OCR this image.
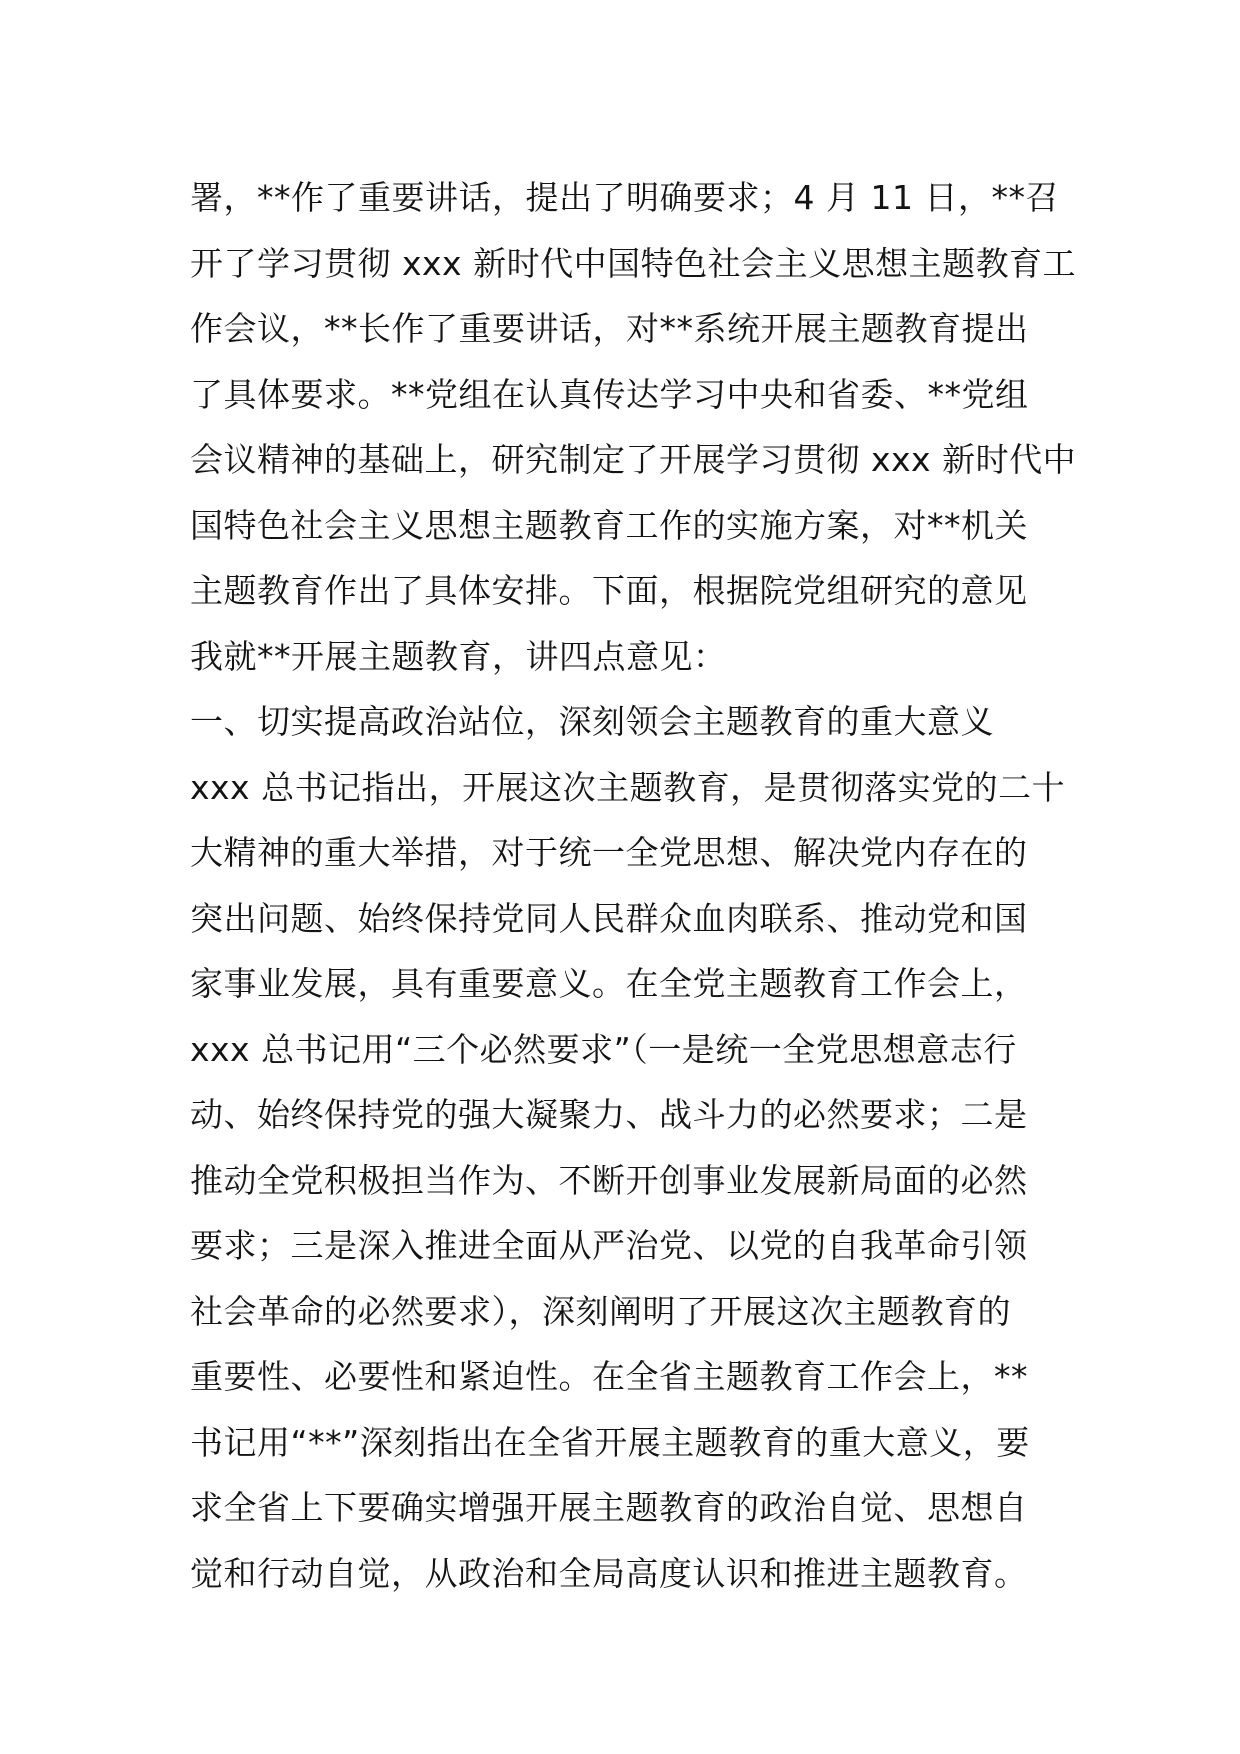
署，**作了重要讲话，提出了明确要求；4 月 11 日，**召
开了学习贯彻 xxx 新时代中国特色社会主义思想主题教育工
作会议，**长作了重要讲话，对**系统开展主题教育提出
了具体要求。**党组在认真传达学习中央和省委、**党组
会议精神的基础上，研究制定了开展学习贯彻 xxx 新时代中
国特色社会主义思想主题教育工作的实施方案，对**机关
主题教育作出了具体安排。下面，根据院党组研究的意见
我就**开展主题教育，讲四点意见：
一、切实提高政治站位，深刻领会主题教育的重大意义
xxx 总书记指出，开展这次主题教育，是贯彻落实党的二十
大精神的重大举措，对于统一全党思想、解决党内存在的
突出问题、始终保持党同人民群众血肉联系、推动党和国
家事业发展，具有重要意义。在全党主题教育工作会上，
xxx 总书记用“三个必然要求”（一是统一全党思想意志行
动、始终保持党的强大凝聚力、战斗力的必然要求；二是
推动全党积极担当作为、不断开创事业发展新局面的必然
要求；三是深入推进全面从严治党、以党的自我革命引领
社会革命的必然要求），深刻阐明了开展这次主题教育的
重要性、必要性和紧迫性。在全省主题教育工作会上，**
书记用“**”深刻指出在全省开展主题教育的重大意义，要
求全省上下要确实增强开展主题教育的政治自觉、思想自
觉和行动自觉，从政治和全局高度认识和推进主题教育。
